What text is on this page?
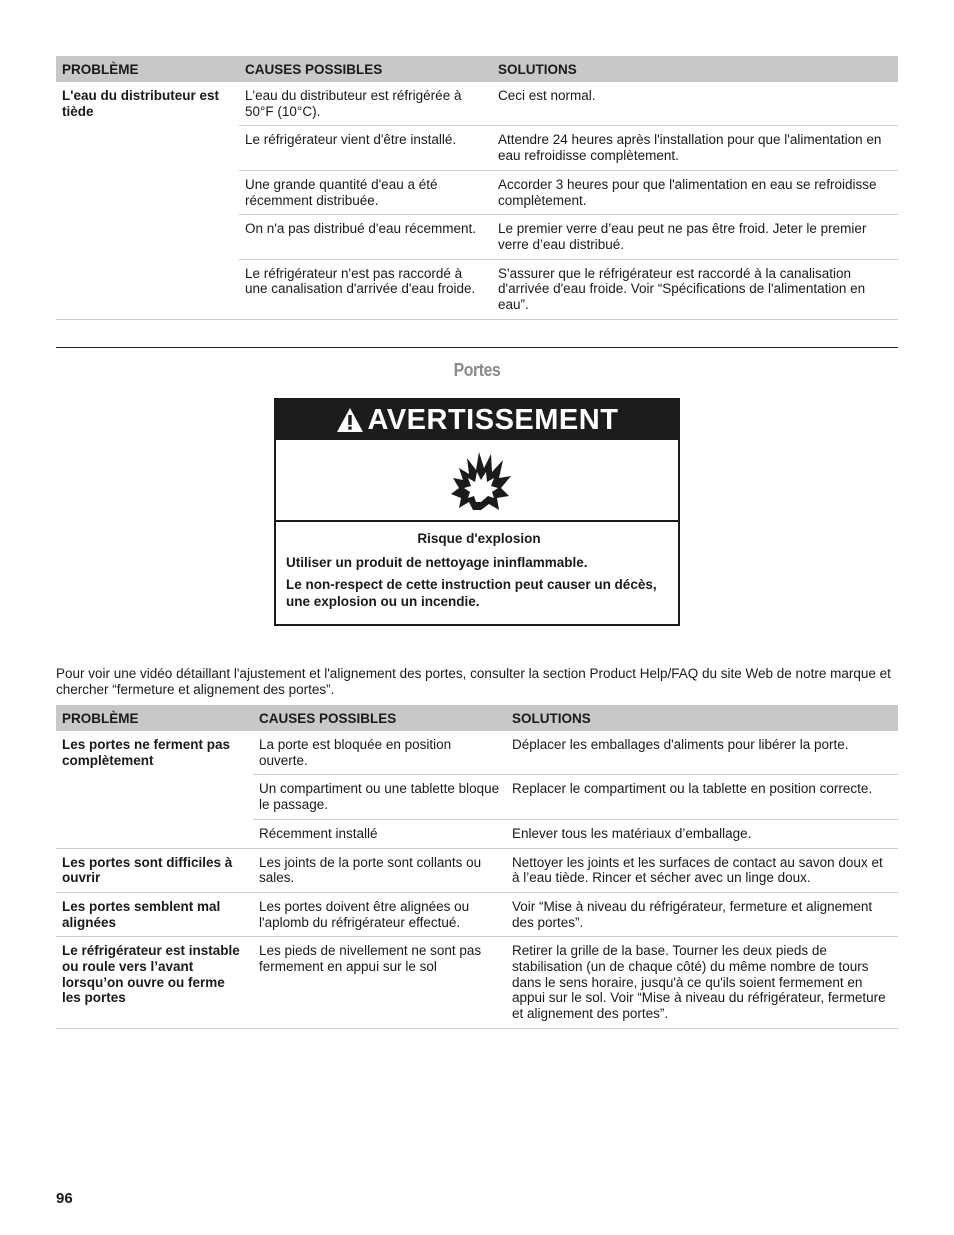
PROBLÈME	CAUSES POSSIBLES	SOLUTIONS
L'eau du distributeur est tiède	L'eau du distributeur est réfrigérée à 50°F (10°C).	Ceci est normal.
	Le réfrigérateur vient d'être installé.	Attendre 24 heures après l'installation pour que l'alimentation en eau refroidisse complètement.
	Une grande quantité d'eau a été récemment distribuée.	Accorder 3 heures pour que l'alimentation en eau se refroidisse complètement.
	On n'a pas distribué d'eau récemment.	Le premier verre d’eau peut ne pas être froid. Jeter le premier verre d’eau distribué.
	Le réfrigérateur n'est pas raccordé à une canalisation d'arrivée d'eau froide.	S'assurer que le réfrigérateur est raccordé à la canalisation d'arrivée d'eau froide. Voir “Spécifications de l'alimentation en eau”.
Portes
AVERTISSEMENT
Risque d'explosion

Utiliser un produit de nettoyage ininflammable.

Le non-respect de cette instruction peut causer un décès, une explosion ou un incendie.

Pour voir une vidéo détaillant l'ajustement et l'alignement des portes, consulter la section Product Help/FAQ du site Web de notre marque et chercher “fermeture et alignement des portes”.
PROBLÈME	CAUSES POSSIBLES	SOLUTIONS
Les portes ne ferment pas complètement	La porte est bloquée en position ouverte.	Déplacer les emballages d'aliments pour libérer la porte.
	Un compartiment ou une tablette bloque le passage.	Replacer le compartiment ou la tablette en position correcte.
	Récemment installé	Enlever tous les matériaux d’emballage.
Les portes sont difficiles à ouvrir	Les joints de la porte sont collants ou sales.	Nettoyer les joints et les surfaces de contact au savon doux et à l’eau tiède. Rincer et sécher avec un linge doux.
Les portes semblent mal alignées	Les portes doivent être alignées ou l'aplomb du réfrigérateur effectué.	Voir “Mise à niveau du réfrigérateur, fermeture et alignement des portes”.
Le réfrigérateur est instable ou roule vers l’avant lorsqu’on ouvre ou ferme les portes	Les pieds de nivellement ne sont pas fermement en appui sur le sol	Retirer la grille de la base. Tourner les deux pieds de stabilisation (un de chaque côté) du même nombre de tours dans le sens horaire, jusqu'à ce qu'ils soient fermement en appui sur le sol. Voir “Mise à niveau du réfrigérateur, fermeture et alignement des portes”.
96
